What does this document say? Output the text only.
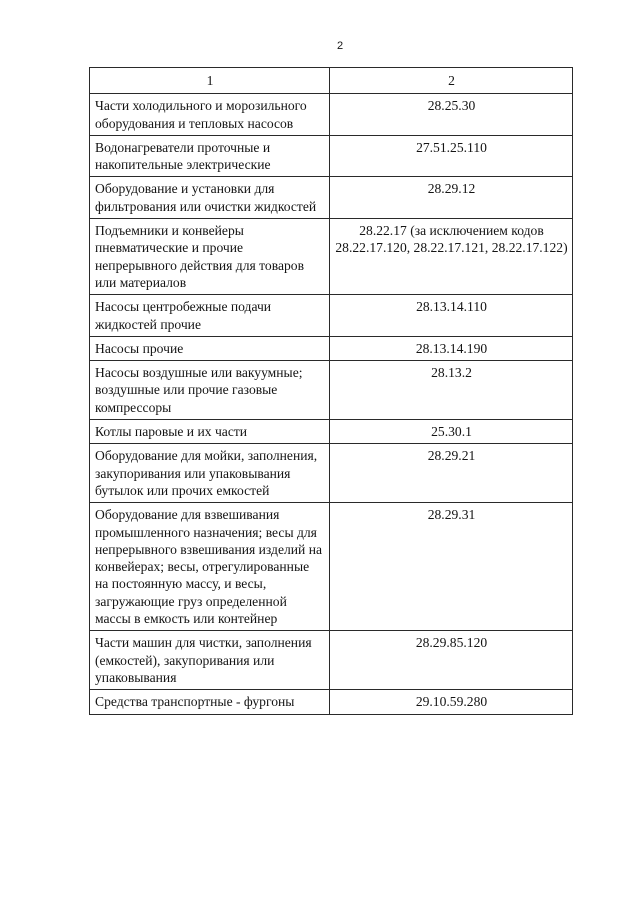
2
1	2
Части холодильного и морозильного оборудования и тепловых насосов	28.25.30
Водонагреватели проточные и накопительные электрические	27.51.25.110
Оборудование и установки для фильтрования или очистки жидкостей	28.29.12
Подъемники и конвейеры пневматические и прочие непрерывного действия для товаров или материалов	28.22.17 (за исключением кодов 28.22.17.120, 28.22.17.121, 28.22.17.122)
Насосы центробежные подачи жидкостей прочие	28.13.14.110
Насосы прочие	28.13.14.190
Насосы воздушные или вакуумные; воздушные или прочие газовые компрессоры	28.13.2
Котлы паровые и их части	25.30.1
Оборудование для мойки, заполнения, закупоривания или упаковывания бутылок или прочих емкостей	28.29.21
Оборудование для взвешивания промышленного назначения; весы для непрерывного взвешивания изделий на конвейерах; весы, отрегулированные на постоянную массу, и весы, загружающие груз определенной массы в емкость или контейнер	28.29.31
Части машин для чистки, заполнения (емкостей), закупоривания или упаковывания	28.29.85.120
Средства транспортные - фургоны	29.10.59.280
